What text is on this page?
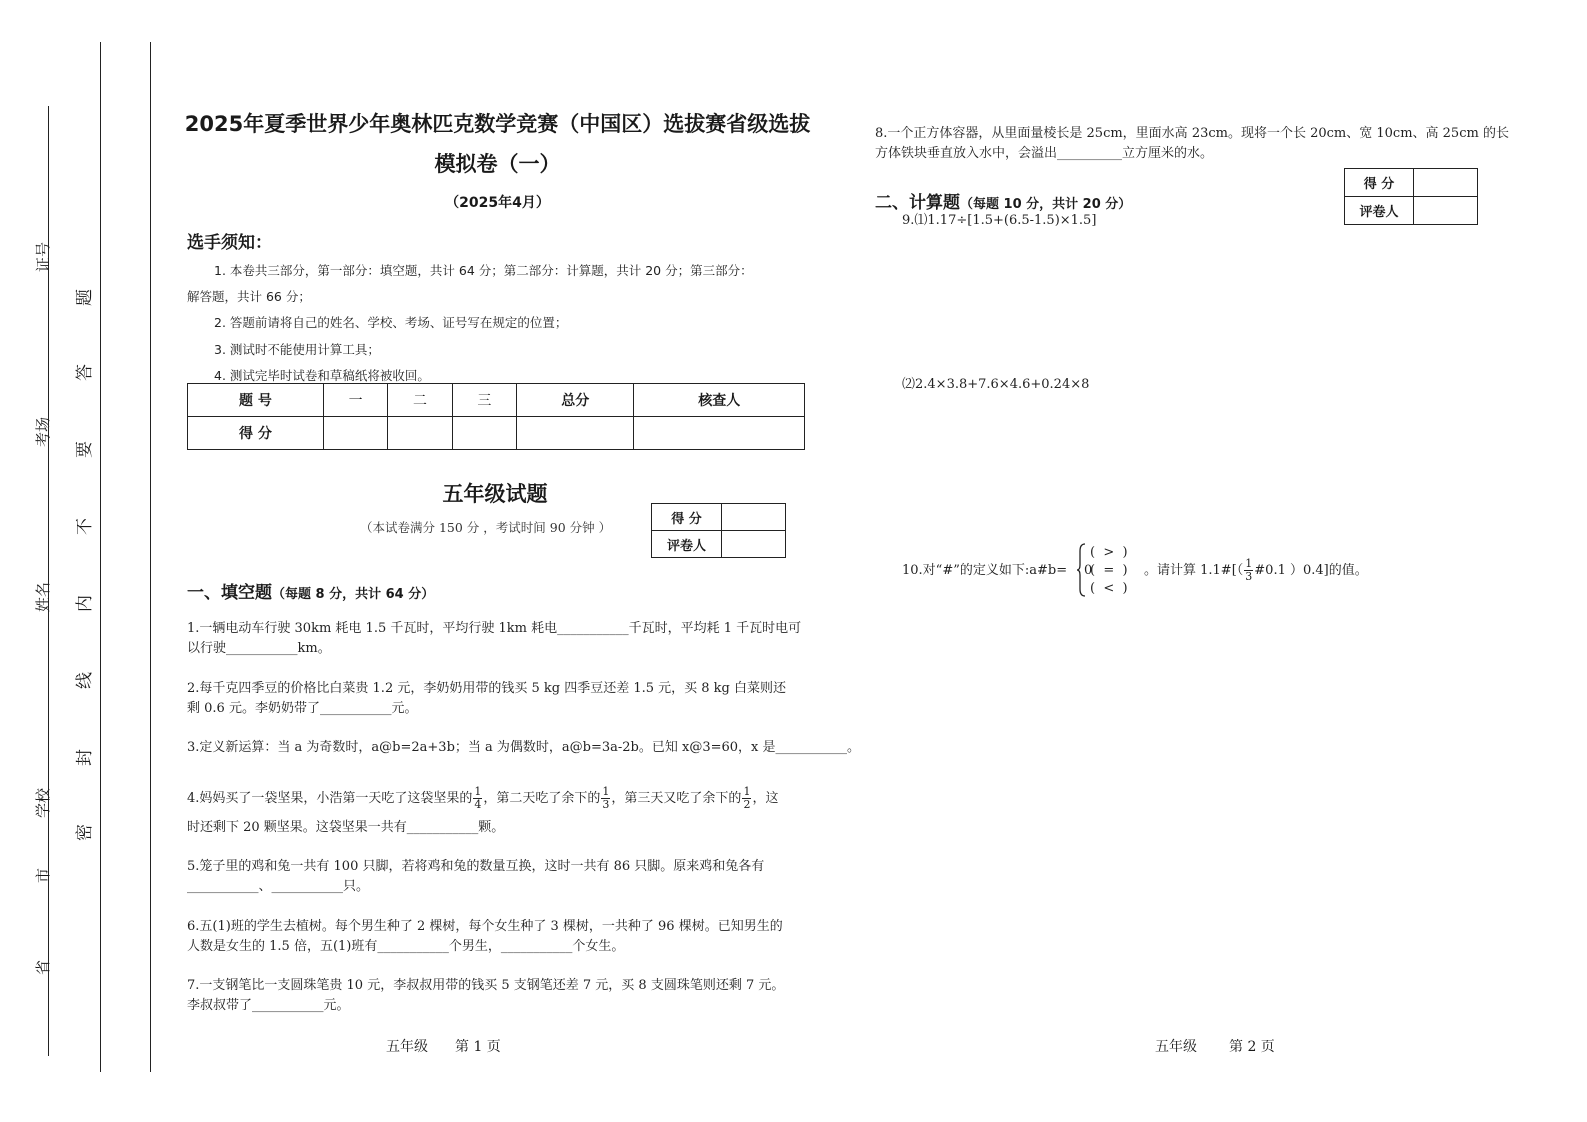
证号
考场
姓名
学校
市
省
题
答
要
不
内
线
封
密
2025年夏季世界少年奥林匹克数学竞赛（中国区）选拔赛省级选拔
模拟卷（一）
（2025年4月）
选手须知：
1. 本卷共三部分，第一部分：填空题，共计 64 分；第二部分：计算题，共计 20 分；第三部分：
解答题，共计 66 分；
2. 答题前请将自己的姓名、学校、考场、证号写在规定的位置；
3. 测试时不能使用计算工具；
4. 测试完毕时试卷和草稿纸将被收回。
题 号	一	二	三	总分	核查人
得 分					
五年级试题
（本试卷满分 150 分 ，考试时间 90 分钟 ）
得 分	
评卷人	
一、填空题（每题 8 分，共计 64 分）
1.一辆电动车行驶 30km 耗电 1.5 千瓦时，平均行驶 1km 耗电___________千瓦时，平均耗 1 千瓦时电可
以行驶___________km。
2.每千克四季豆的价格比白菜贵 1.2 元，李奶奶用带的钱买 5 kg 四季豆还差 1.5 元，买 8 kg 白菜则还
剩 0.6 元。李奶奶带了___________元。
3.定义新运算：当 a 为奇数时，a@b=2a+3b；当 a 为偶数时，a@b=3a-2b。已知 x@3=60，x 是___________。
4.妈妈买了一袋坚果，小浩第一天吃了这袋坚果的 $\frac{1}{4}$ ，第二天吃了余下的 $\frac{1}{3}$ ，第三天又吃了余下的 $\frac{1}{2}$ ，这
时还剩下 20 颗坚果。这袋坚果一共有___________颗。
5.笼子里的鸡和兔一共有 100 只脚，若将鸡和兔的数量互换，这时一共有 86 只脚。原来鸡和兔各有
___________、___________只。
6.五(1)班的学生去植树。每个男生种了 2 棵树，每个女生种了 3 棵树，一共种了 96 棵树。已知男生的
人数是女生的 1.5 倍，五(1)班有___________个男生，___________个女生。
7.一支钢笔比一支圆珠笔贵 10 元，李叔叔用带的钱买 5 支钢笔还差 7 元，买 8 支圆珠笔则还剩 7 元。
李叔叔带了___________元。
五年级 第 1 页
8.一个正方体容器，从里面量棱长是 25cm，里面水高 23cm。现将一个长 20cm、宽 10cm、高 25cm 的长
方体铁块垂直放入水中，会溢出__________立方厘米的水。
二、计算题（每题 10 分，共计 20 分）
得 分	
评卷人	
9.⑴1.17÷[1.5+(6.5-1.5)×1.5]
⑵2.4×3.8+7.6×4.6+0.24×8
10.对“#”的定义如下:a#b= 0
(  >  )
(  =  )
(  <  )
。请计算 1.1#[（ $\frac{1}{3}$ #0.1 ）0.4]的值。
五年级 第 2 页
